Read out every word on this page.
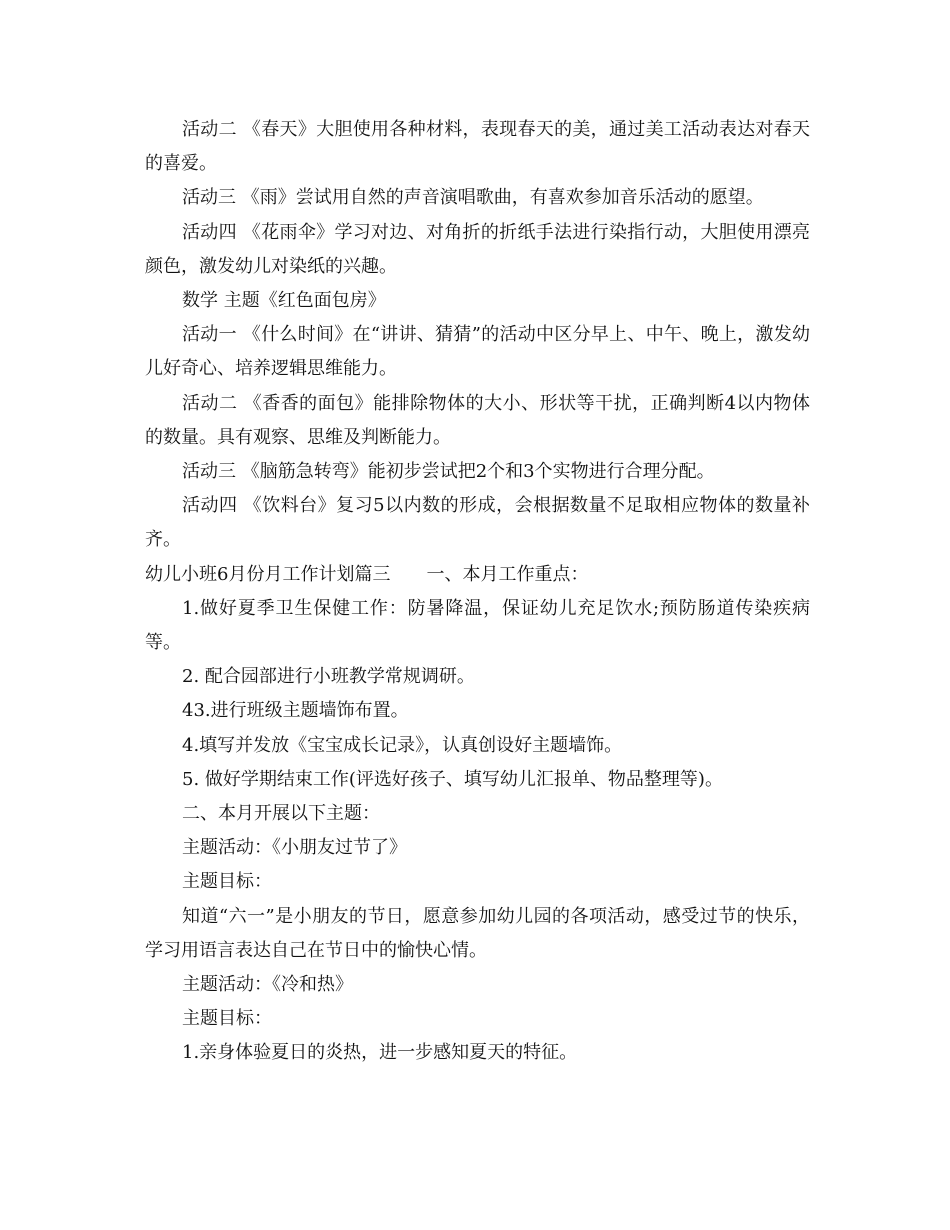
活动二 《春天》大胆使用各种材料，表现春天的美，通过美工活动表达对春天的喜爱。

活动三 《雨》尝试用自然的声音演唱歌曲，有喜欢参加音乐活动的愿望。

活动四 《花雨伞》学习对边、对角折的折纸手法进行染指行动，大胆使用漂亮颜色，激发幼儿对染纸的兴趣。

数学 主题《红色面包房》

活动一 《什么时间》在“讲讲、猜猜”的活动中区分早上、中午、晚上，激发幼儿好奇心、培养逻辑思维能力。

活动二 《香香的面包》能排除物体的大小、形状等干扰，正确判断4以内物体的数量。具有观察、思维及判断能力。

活动三 《脑筋急转弯》能初步尝试把2个和3个实物进行合理分配。

活动四 《饮料台》复习5以内数的形成，会根据数量不足取相应物体的数量补齐。

幼儿小班6月份月工作计划篇三　　一、本月工作重点：

1.做好夏季卫生保健工作：防暑降温，保证幼儿充足饮水;预防肠道传染疾病等。

2. 配合园部进行小班教学常规调研。

43.进行班级主题墙饰布置。

4.填写并发放《宝宝成长记录》，认真创设好主题墙饰。

5. 做好学期结束工作(评选好孩子、填写幼儿汇报单、物品整理等)。

二、本月开展以下主题：

主题活动：《小朋友过节了》

主题目标：

知道“六一”是小朋友的节日，愿意参加幼儿园的各项活动，感受过节的快乐，学习用语言表达自己在节日中的愉快心情。

主题活动：《冷和热》

主题目标：

1.亲身体验夏日的炎热，进一步感知夏天的特征。
